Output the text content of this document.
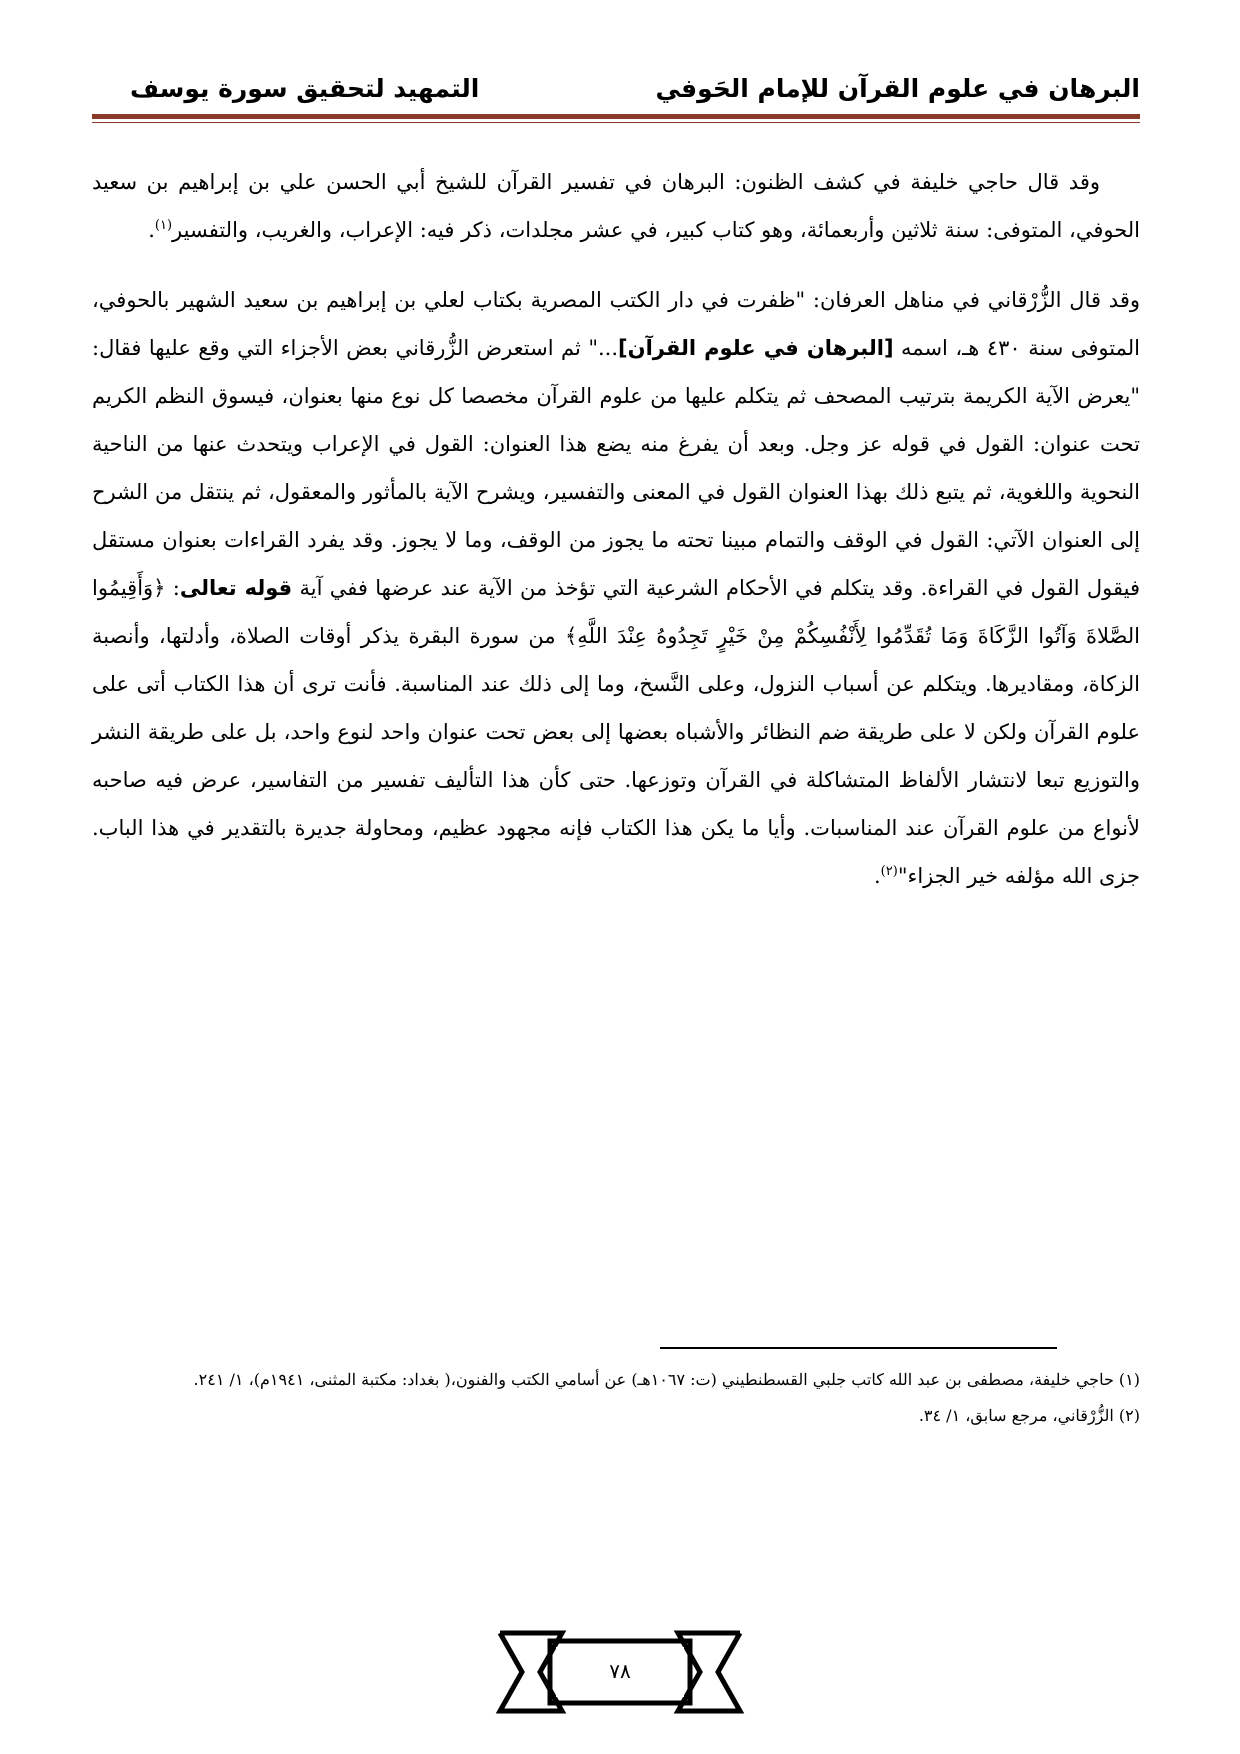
البرهان في علوم القرآن للإمام الحَوفي
التمهيد لتحقيق سورة يوسف

وقد قال حاجي خليفة في كشف الظنون: البرهان في تفسير القرآن للشيخ أبي الحسن علي بن إبراهيم بن سعيد الحوفي، المتوفى: سنة ثلاثين وأربعمائة، وهو كتاب كبير، في عشر مجلدات، ذكر فيه: الإعراب، والغريب، والتفسير$^{(١)}$.

وقد قال الزُّرْقاني في مناهل العرفان: "ظفرت في دار الكتب المصرية بكتاب لعلي بن إبراهيم بن سعيد الشهير بالحوفي، المتوفى سنة ٤٣٠ هـ، اسمه [البرهان في علوم القرآن]..." ثم استعرض الزُّرقاني بعض الأجزاء التي وقع عليها فقال: "يعرض الآية الكريمة بترتيب المصحف ثم يتكلم عليها من علوم القرآن مخصصا كل نوع منها بعنوان، فيسوق النظم الكريم تحت عنوان: القول في قوله عز وجل. وبعد أن يفرغ منه يضع هذا العنوان: القول في الإعراب ويتحدث عنها من الناحية النحوية واللغوية، ثم يتبع ذلك بهذا العنوان القول في المعنى والتفسير، ويشرح الآية بالمأثور والمعقول، ثم ينتقل من الشرح إلى العنوان الآتي: القول في الوقف والتمام مبينا تحته ما يجوز من الوقف، وما لا يجوز. وقد يفرد القراءات بعنوان مستقل فيقول القول في القراءة. وقد يتكلم في الأحكام الشرعية التي تؤخذ من الآية عند عرضها ففي آية قوله تعالى: ﴿وَأَقِيمُوا الصَّلاةَ وَآتُوا الزَّكَاةَ وَمَا تُقَدِّمُوا لِأَنْفُسِكُمْ مِنْ خَيْرٍ تَجِدُوهُ عِنْدَ اللَّهِ﴾ من سورة البقرة يذكر أوقات الصلاة، وأدلتها، وأنصبة الزكاة، ومقاديرها. ويتكلم عن أسباب النزول، وعلى النَّسخ، وما إلى ذلك عند المناسبة. فأنت ترى أن هذا الكتاب أتى على علوم القرآن ولكن لا على طريقة ضم النظائر والأشباه بعضها إلى بعض تحت عنوان واحد لنوع واحد، بل على طريقة النشر والتوزيع تبعا لانتشار الألفاظ المتشاكلة في القرآن وتوزعها. حتى كأن هذا التأليف تفسير من التفاسير، عرض فيه صاحبه لأنواع من علوم القرآن عند المناسبات. وأيا ما يكن هذا الكتاب فإنه مجهود عظيم، ومحاولة جديرة بالتقدير في هذا الباب. جزى الله مؤلفه خير الجزاء"$^{(٢)}$.

(١) حاجي خليفة، مصطفى بن عبد الله كاتب جلبي القسطنطيني (ت: ١٠٦٧هـ) عن أسامي الكتب والفنون،( بغداد: مكتبة المثنى، ١٩٤١م)، ١/ ٢٤١.

(٢) الزُّرْقاني، مرجع سابق، ١/ ٣٤.

٧٨
